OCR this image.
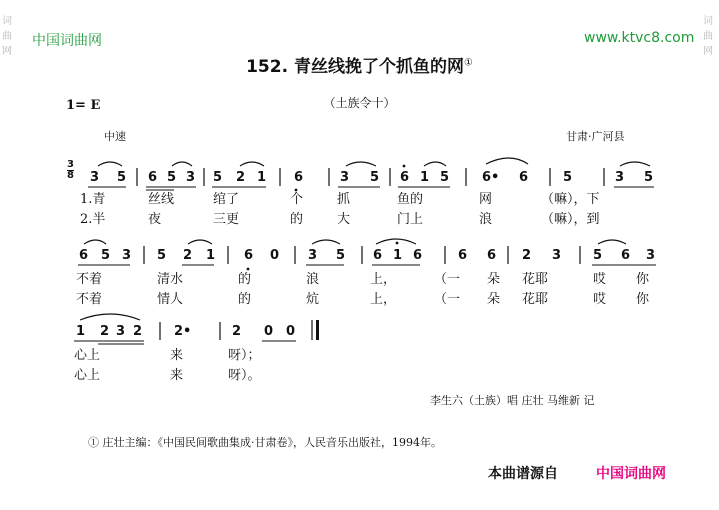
词曲网
词曲网
中国词曲网	www.ktvc8.com
152. 青丝线挽了个抓鱼的网①
（土族令十）
1= E
中速	甘肃·广河县
3
8 3 5 6 5 3 5 2 1 6	3 5 6 1 5	6• 6	5	3 5
1.青	丝线	绾了	个	抓	鱼的	网	（嘛），下
2.半	夜	三更	的	大	门上	浪	（嘛），到
6 5 3 5 2 1 6 0 3 5 6 1 6	6 6 2 3 5 6 3
不着	清水	的	浪	上，	（一 朵 花耶	哎 你
不着	情人	的	炕	上，	（一 朵 花耶	哎 你
1 2 3 2 2•	2 0 0
心上	来	呀）；
心上	来	呀）。
李生六（土族）唱 庄壮 马维新 记
① 庄壮主编：《中国民间歌曲集成·甘肃卷》，人民音乐出版社，1994年。
本曲谱源自	中国词曲网
